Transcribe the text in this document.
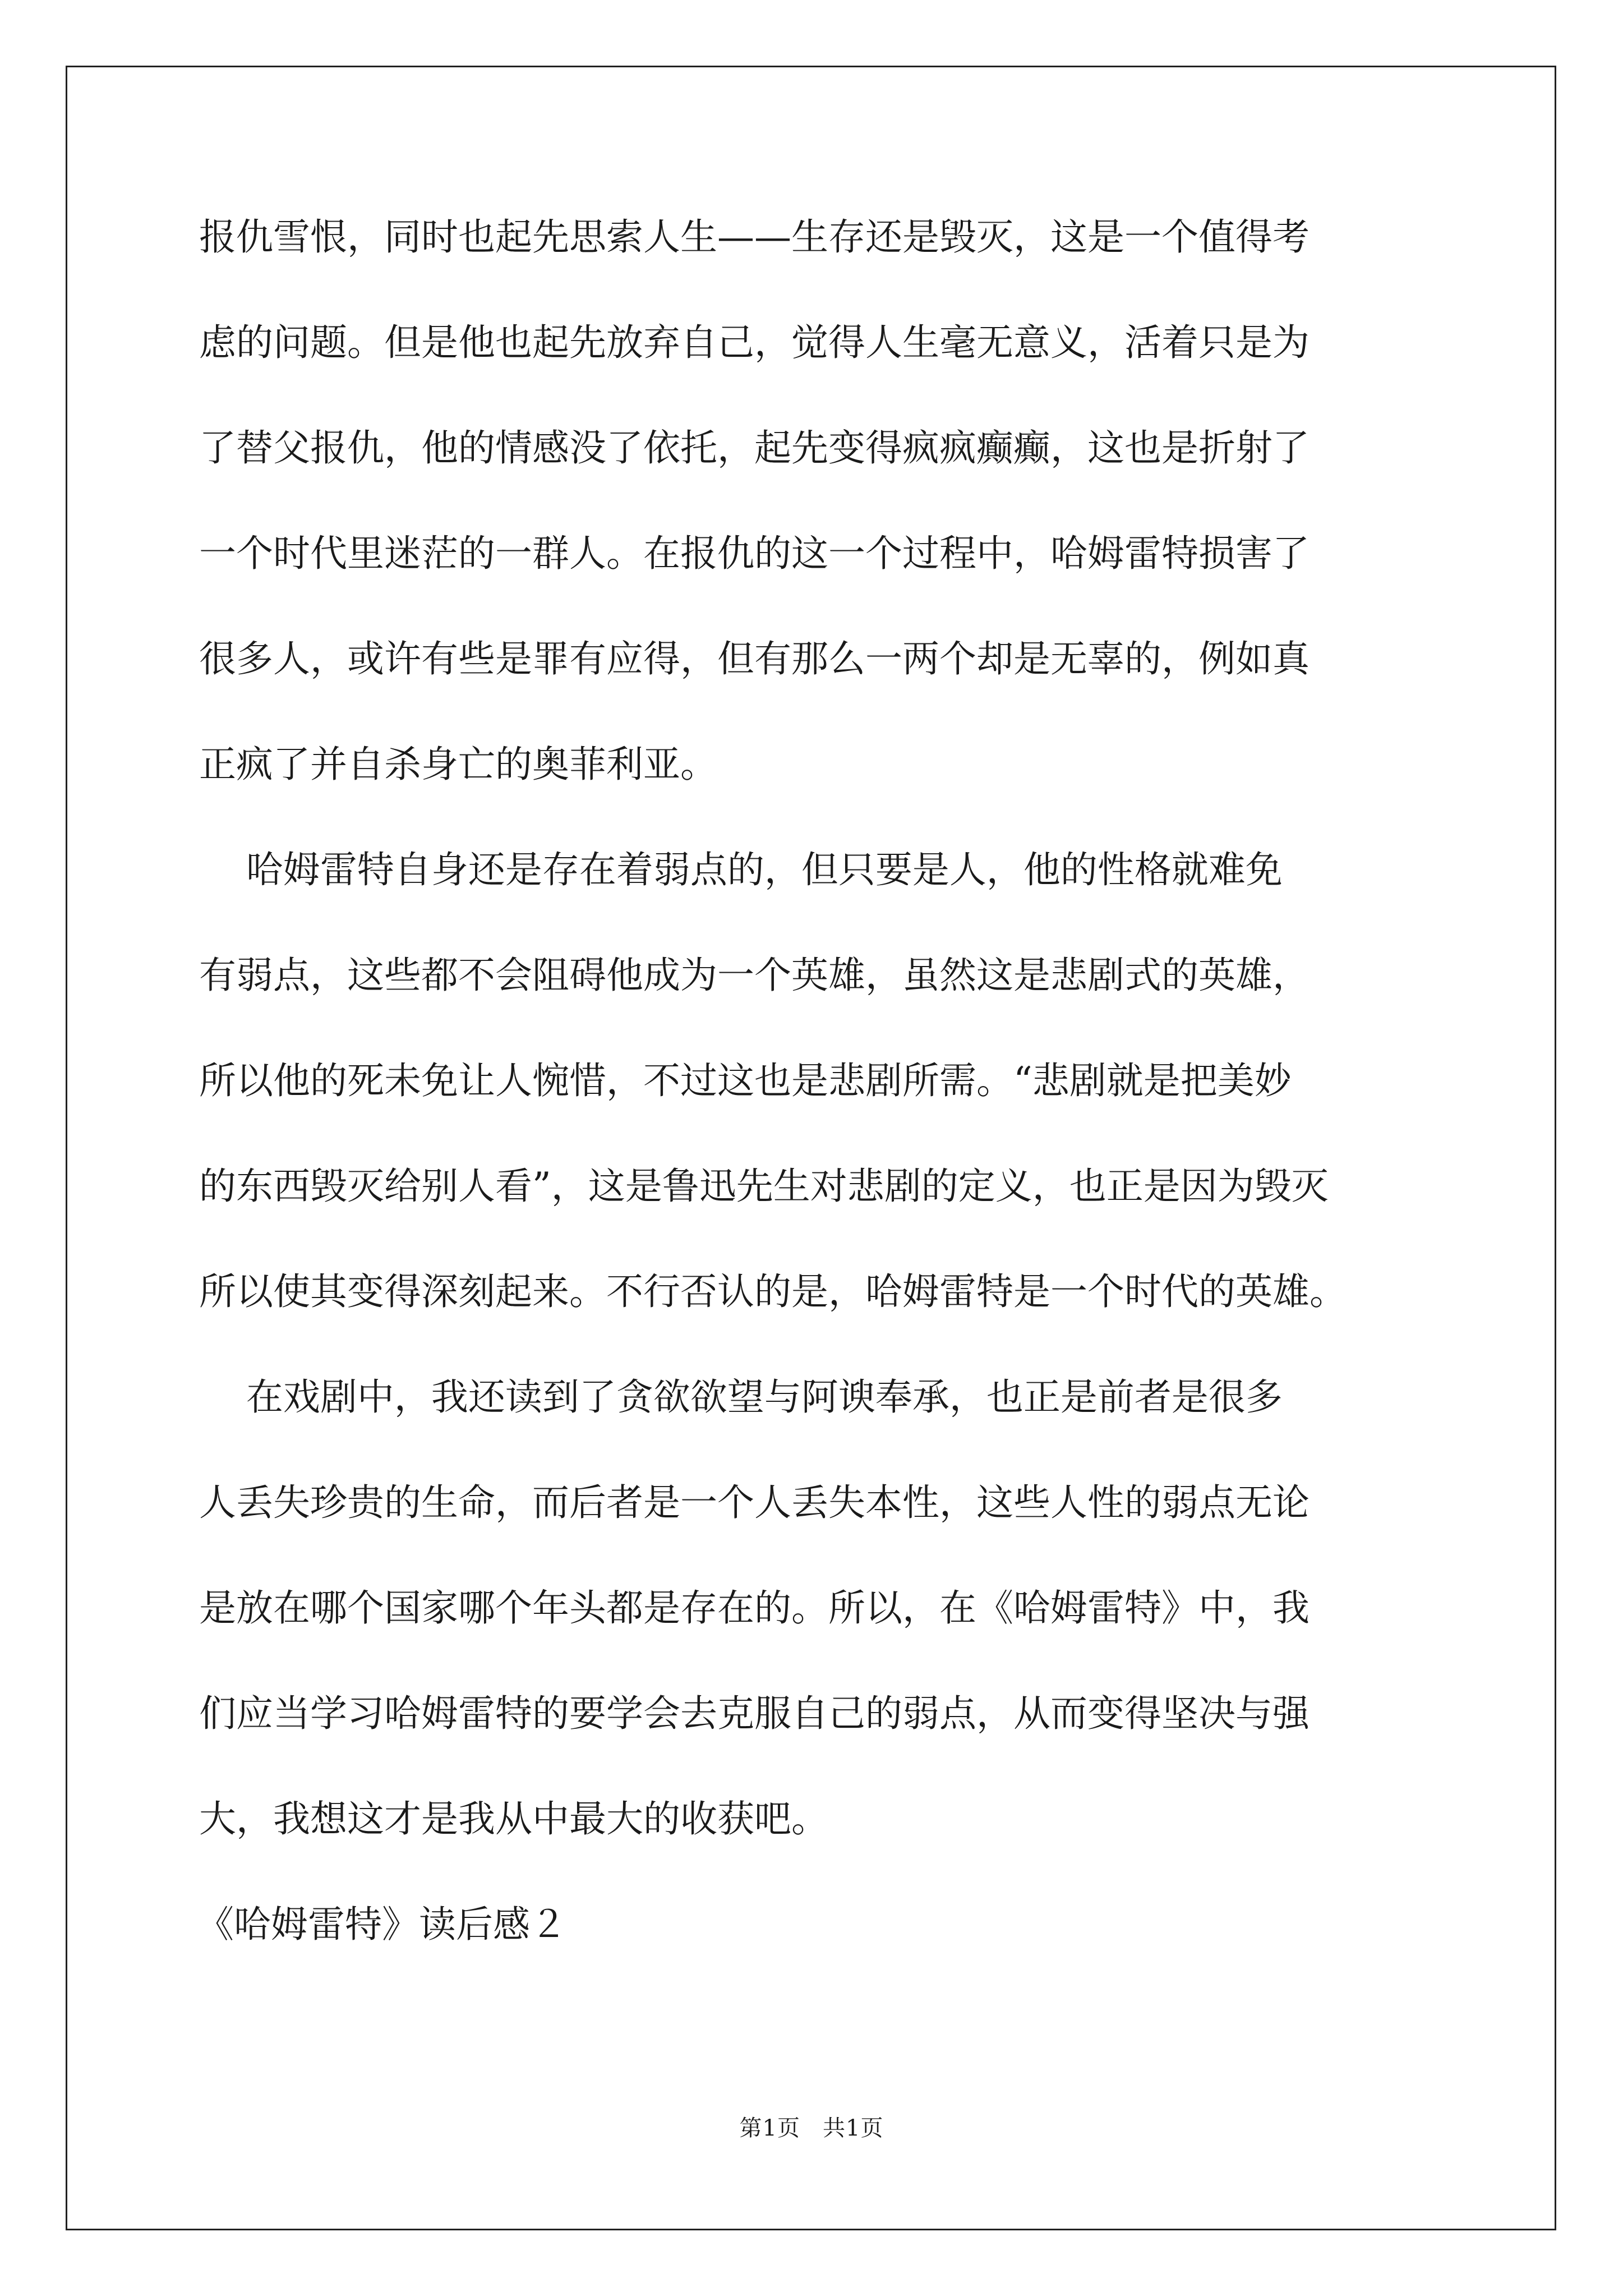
报仇雪恨，同时也起先思索人生——生存还是毁灭，这是一个值得考
虑的问题。但是他也起先放弃自己，觉得人生毫无意义，活着只是为
了替父报仇，他的情感没了依托，起先变得疯疯癫癫，这也是折射了
一个时代里迷茫的一群人。在报仇的这一个过程中，哈姆雷特损害了
很多人，或许有些是罪有应得，但有那么一两个却是无辜的，例如真
正疯了并自杀身亡的奥菲利亚。
哈姆雷特自身还是存在着弱点的，但只要是人，他的性格就难免
有弱点，这些都不会阻碍他成为一个英雄，虽然这是悲剧式的英雄，
所以他的死未免让人惋惜，不过这也是悲剧所需。“悲剧就是把美妙
的东西毁灭给别人看”，这是鲁迅先生对悲剧的定义，也正是因为毁灭
所以使其变得深刻起来。不行否认的是，哈姆雷特是一个时代的英雄。
在戏剧中，我还读到了贪欲欲望与阿谀奉承，也正是前者是很多
人丢失珍贵的生命，而后者是一个人丢失本性，这些人性的弱点无论
是放在哪个国家哪个年头都是存在的。所以，在《哈姆雷特》中，我
们应当学习哈姆雷特的要学会去克服自己的弱点，从而变得坚决与强
大，我想这才是我从中最大的收获吧。
《哈姆雷特》读后感２
第1页 共1页
